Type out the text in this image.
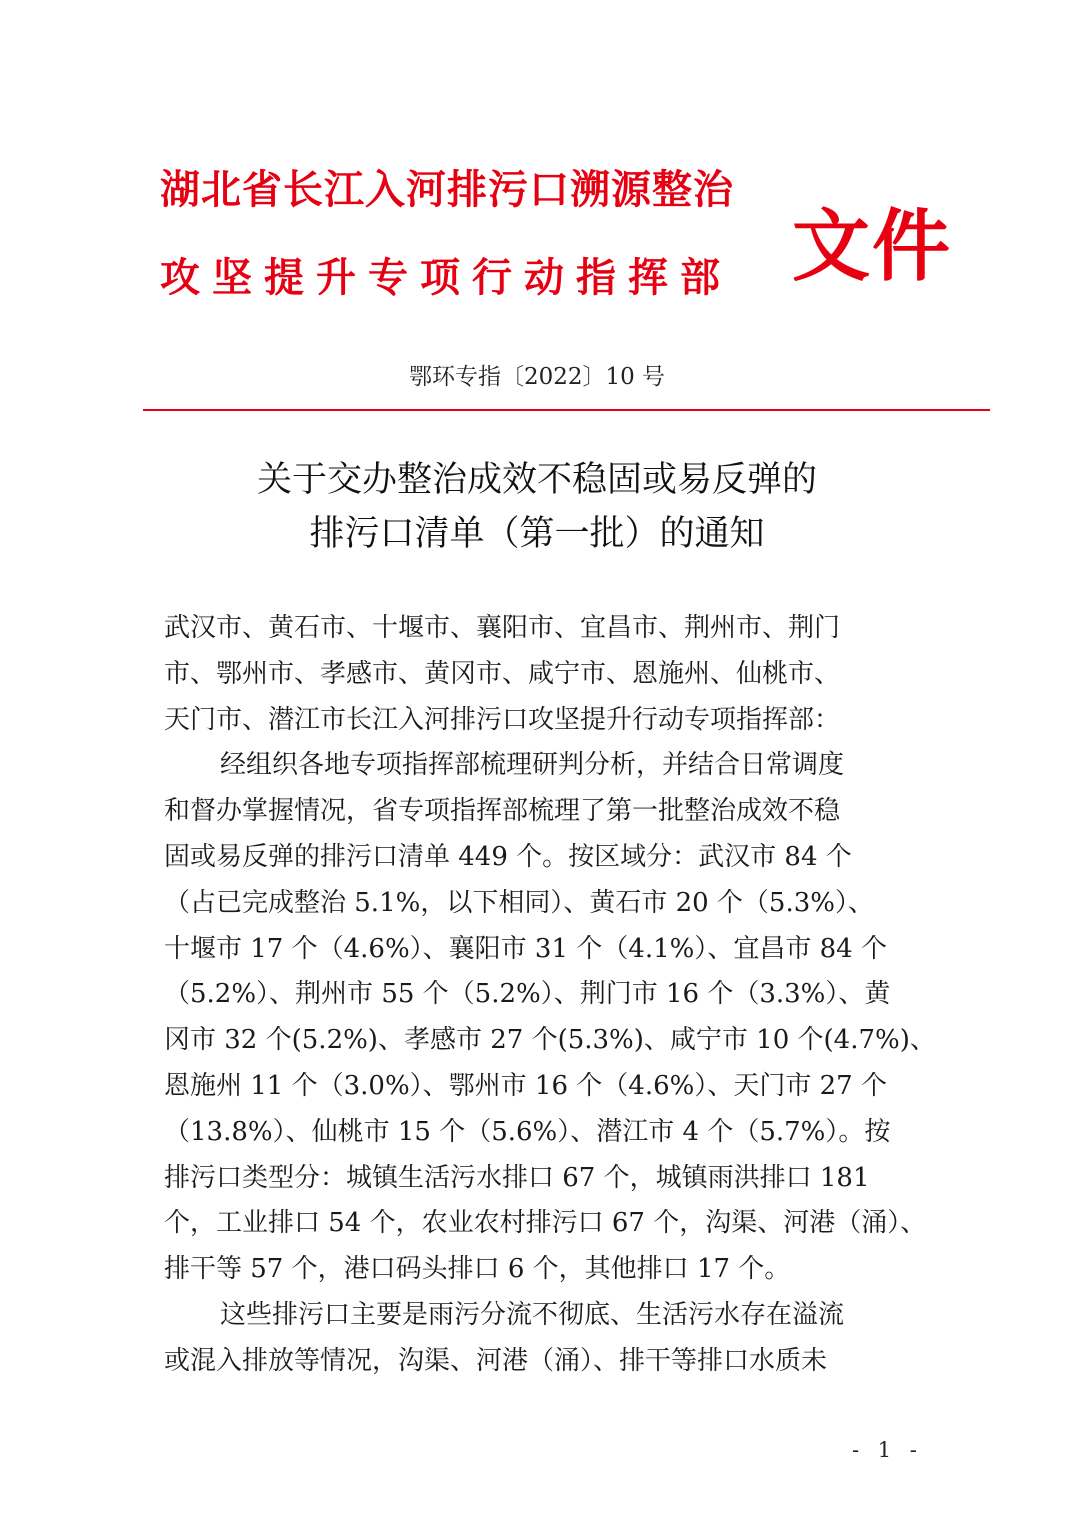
湖北省长江入河排污口溯源整治
攻坚提升专项行动指挥部 文件
鄂环专指〔2022〕10 号
关于交办整治成效不稳固或易反弹的
排污口清单（第一批）的通知
武汉市、黄石市、十堰市、襄阳市、宜昌市、荆州市、荆门
市、鄂州市、孝感市、黄冈市、咸宁市、恩施州、仙桃市、
天门市、潜江市长江入河排污口攻坚提升行动专项指挥部：
经组织各地专项指挥部梳理研判分析，并结合日常调度
和督办掌握情况，省专项指挥部梳理了第一批整治成效不稳
固或易反弹的排污口清单 449 个。按区域分：武汉市 84 个
（占已完成整治 5.1%，以下相同）、黄石市 20 个（5.3%）、
十堰市 17 个（4.6%）、襄阳市 31 个（4.1%）、宜昌市 84 个
（5.2%）、荆州市 55 个（5.2%）、荆门市 16 个（3.3%）、黄
冈市 32 个(5.2%)、孝感市 27 个(5.3%)、咸宁市 10 个(4.7%)、
恩施州 11 个（3.0%）、鄂州市 16 个（4.6%）、天门市 27 个
（13.8%）、仙桃市 15 个（5.6%）、潜江市 4 个（5.7%）。按
排污口类型分：城镇生活污水排口 67 个，城镇雨洪排口 181
个，工业排口 54 个，农业农村排污口 67 个，沟渠、河港（涌）、
排干等 57 个，港口码头排口 6 个，其他排口 17 个。
这些排污口主要是雨污分流不彻底、生活污水存在溢流
或混入排放等情况，沟渠、河港（涌）、排干等排口水质未
- 1 -
